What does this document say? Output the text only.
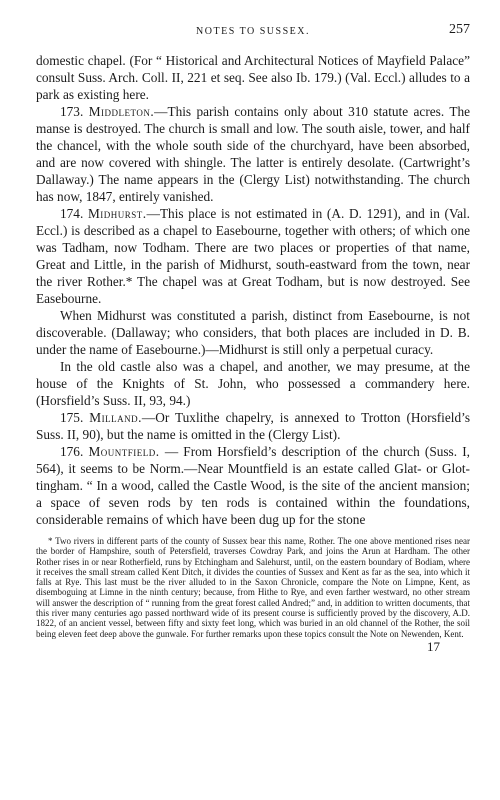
NOTES TO SUSSEX.	257

domestic chapel. (For “ Historical and Architectural Notices of Mayfield Palace” consult Suss. Arch. Coll. II, 221 et seq. See also Ib. 179.) (Val. Eccl.) alludes to a park as existing here.

173. Middleton.—This parish contains only about 310 statute acres. The manse is destroyed. The church is small and low. The south aisle, tower, and half the chancel, with the whole south side of the churchyard, have been absorbed, and are now covered with shingle. The latter is entirely desolate. (Cartwright’s Dallaway.) The name appears in the (Clergy List) notwithstanding. The church has now, 1847, entirely vanished.

174. Midhurst.—This place is not estimated in (A. D. 1291), and in (Val. Eccl.) is described as a chapel to Easebourne, together with others; of which one was Tadham, now Todham. There are two places or properties of that name, Great and Little, in the parish of Midhurst, south-eastward from the town, near the river Rother.* The chapel was at Great Todham, but is now destroyed. See Easebourne.

When Midhurst was constituted a parish, distinct from Easebourne, is not discoverable. (Dallaway; who considers, that both places are included in D. B. under the name of Easebourne.)—Midhurst is still only a perpetual curacy.

In the old castle also was a chapel, and another, we may presume, at the house of the Knights of St. John, who possessed a commandery here. (Horsfield’s Suss. II, 93, 94.)

175. Milland.—Or Tuxlithe chapelry, is annexed to Trotton (Horsfield’s Suss. II, 90), but the name is omitted in the (Clergy List).

176. Mountfield. — From Horsfield’s description of the church (Suss. I, 564), it seems to be Norm.—Near Mountfield is an estate called Glat- or Glot-tingham. “ In a wood, called the Castle Wood, is the site of the ancient mansion; a space of seven rods by ten rods is contained within the foundations, considerable remains of which have been dug up for the stone

* Two rivers in different parts of the county of Sussex bear this name, Rother. The one above mentioned rises near the border of Hampshire, south of Petersfield, traverses Cowdray Park, and joins the Arun at Hardham. The other Rother rises in or near Rotherfield, runs by Etchingham and Salehurst, until, on the eastern boundary of Bodiam, where it receives the small stream called Kent Ditch, it divides the counties of Sussex and Kent as far as the sea, into which it falls at Rye. This last must be the river alluded to in the Saxon Chronicle, compare the Note on Limpne, Kent, as disemboguing at Limne in the ninth century; because, from Hithe to Rye, and even farther westward, no other stream will answer the description of “ running from the great forest called Andred;” and, in addition to written documents, that this river many centuries ago passed northward wide of its present course is sufficiently proved by the discovery, A.D. 1822, of an ancient vessel, between fifty and sixty feet long, which was buried in an old channel of the Rother, the soil being eleven feet deep above the gunwale. For further remarks upon these topics consult the Note on Newenden, Kent.

17
